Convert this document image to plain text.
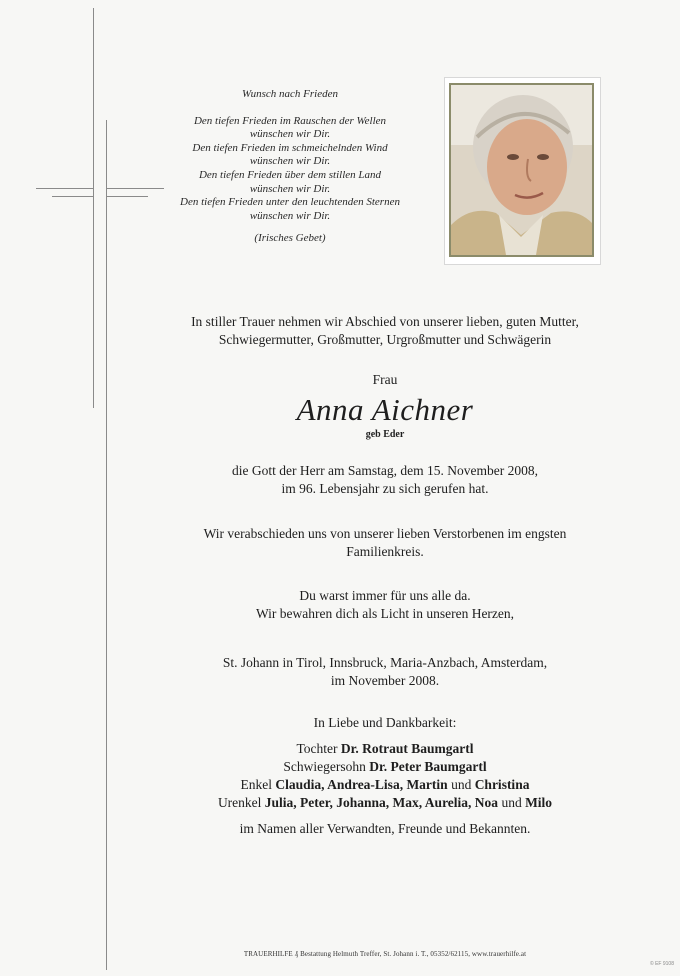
Wunsch nach Frieden
Den tiefen Frieden im Rauschen der Wellen
wünschen wir Dir.
Den tiefen Frieden im schmeichelnden Wind
wünschen wir Dir.
Den tiefen Frieden über dem stillen Land
wünschen wir Dir.
Den tiefen Frieden unter den leuchtenden Sternen
wünschen wir Dir.
(Irisches Gebet)
In stiller Trauer nehmen wir Abschied von unserer lieben, guten Mutter,
Schwiegermutter, Großmutter, Urgroßmutter und Schwägerin
Frau
Anna Aichner
geb Eder
die Gott der Herr am Samstag, dem 15. November 2008,
im 96. Lebensjahr zu sich gerufen hat.
Wir verabschieden uns von unserer lieben Verstorbenen im engsten
Familienkreis.
Du warst immer für uns alle da.
Wir bewahren dich als Licht in unseren Herzen,
St. Johann in Tirol, Innsbruck, Maria-Anzbach, Amsterdam,
im November 2008.
In Liebe und Dankbarkeit:
Tochter Dr. Rotraut Baumgartl
Schwiegersohn Dr. Peter Baumgartl
Enkel Claudia, Andrea-Lisa, Martin und Christina
Urenkel Julia, Peter, Johanna, Max, Aurelia, Noa und Milo
im Namen aller Verwandten, Freunde und Bekannten.
TRAUERHILFE ₰ Bestattung Helmuth Treffer, St. Johann i. T., 05352/62115, www.trauerhilfe.at
© EF 9108
